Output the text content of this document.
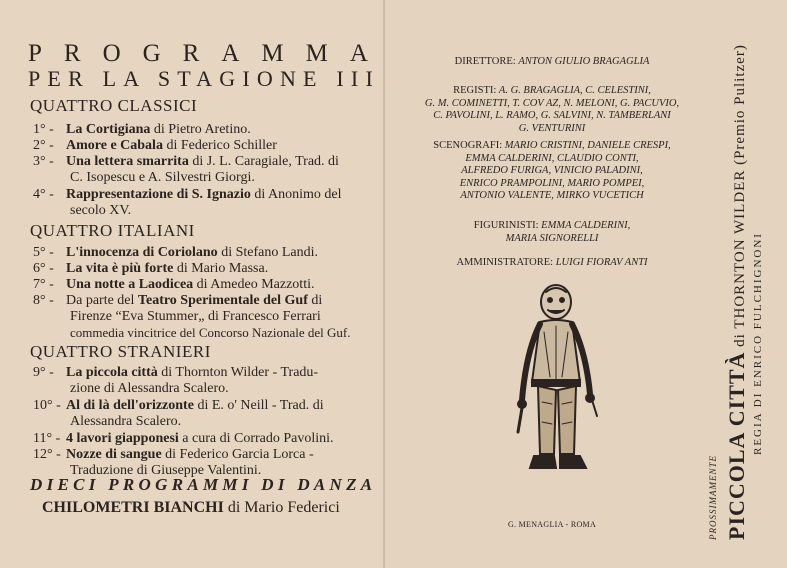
PROGRAMMA
PER LA STAGIONE III
QUATTRO CLASSICI
1° - La Cortigiana di Pietro Aretino.
2° - Amore e Cabala di Federico Schiller
3° - Una lettera smarrita di J. L. Caragiale, Trad. di
C. Isopescu e A. Silvestri Giorgi.
4° - Rappresentazione di S. Ignazio di Anonimo del
secolo XV.
QUATTRO ITALIANI
5° - L'innocenza di Coriolano di Stefano Landi.
6° - La vita è più forte di Mario Massa.
7° - Una notte a Laodicea di Amedeo Mazzotti.
8° - Da parte del Teatro Sperimentale del Guf di
Firenze “Eva Stummer„ di Francesco Ferrari
commedia vincitrice del Concorso Nazionale del Guf.
QUATTRO STRANIERI
9° - La piccola città di Thornton Wilder - Tradu-
zione di Alessandra Scalero.
10° - Al di là dell'orizzonte di E. o' Neill - Trad. di
Alessandra Scalero.
11° - 4 lavori giapponesi a cura di Corrado Pavolini.
12° - Nozze di sangue di Federico Garcia Lorca -
Traduzione di Giuseppe Valentini.
DIECI PROGRAMMI DI DANZA
CHILOMETRI BIANCHI di Mario Federici
DIRETTORE: ANTON GIULIO BRAGAGLIA
REGISTI: A. G. BRAGAGLIA, C. CELESTINI,
G. M. COMINETTI, T. COV AZ, N. MELONI, G. PACUVIO,
C. PAVOLINI, L. RAMO, G. SALVINI, N. TAMBERLANI
G. VENTURINI
SCENOGRAFI: MARIO CRISTINI, DANIELE CRESPI,
EMMA CALDERINI, CLAUDIO CONTI,
ALFREDO FURIGA, VINICIO PALADINI,
ENRICO PRAMPOLINI, MARIO POMPEI,
ANTONIO VALENTE, MIRKO VUCETICH
FIGURINISTI: EMMA CALDERINI,
MARIA SIGNORELLI
AMMINISTRATORE: LUIGI FIORAV ANTI
G. MENAGLIA - ROMA	PROSSIMAMENTE PICCOLA CITTÀ di THORNTON WILDER (Premio Pulitzer) REGIA DI ENRICO FULCHIGNONI
